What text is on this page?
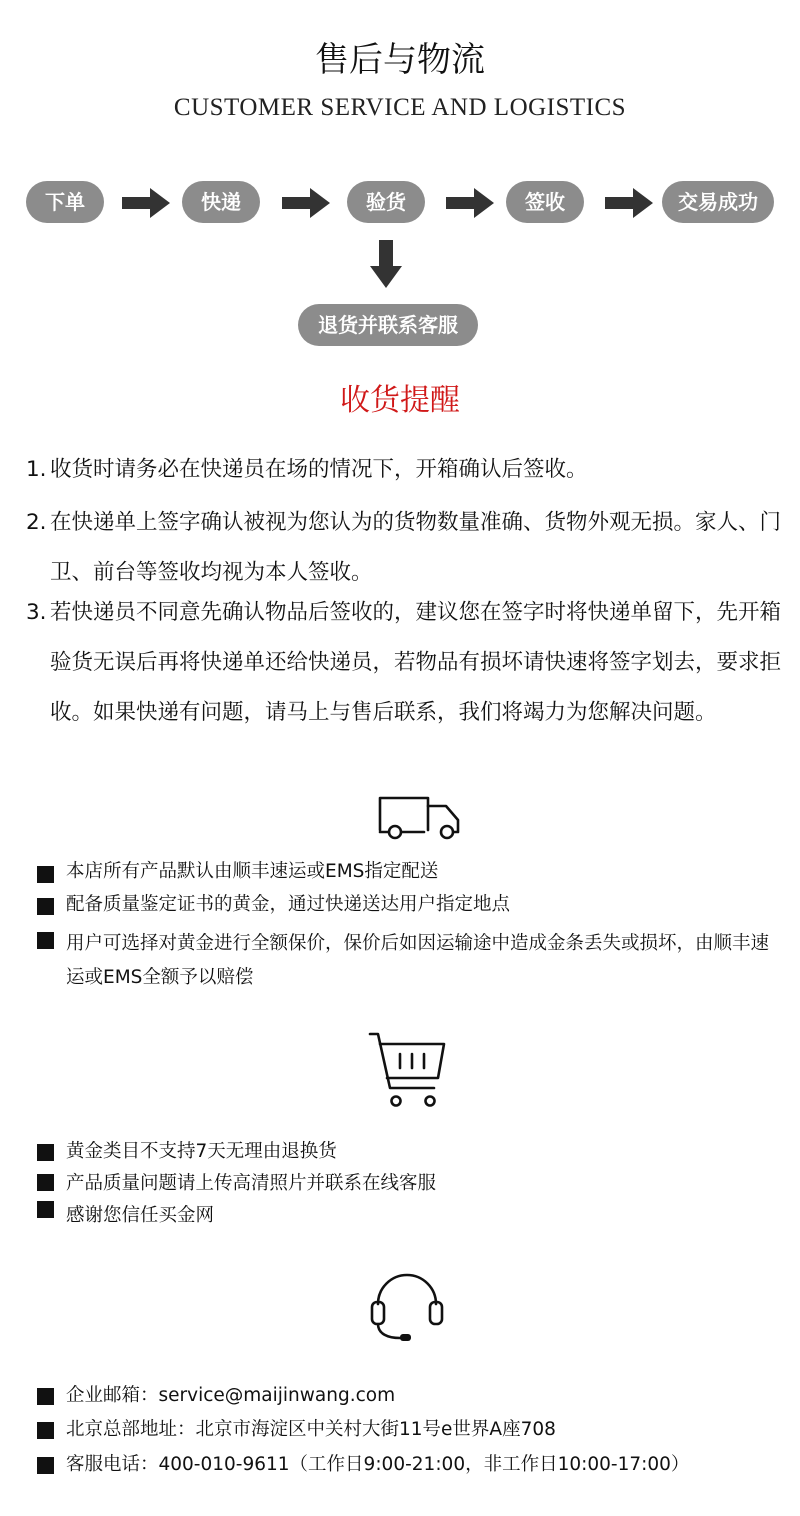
售后与物流
CUSTOMER SERVICE AND LOGISTICS
下单	快递	验货	签收	交易成功
退货并联系客服
收货提醒
1. 收货时请务必在快递员在场的情况下，开箱确认后签收。
2. 在快递单上签字确认被视为您认为的货物数量准确、货物外观无损。家人、门卫、前台等签收均视为本人签收。
3. 若快递员不同意先确认物品后签收的，建议您在签字时将快递单留下，先开箱验货无误后再将快递单还给快递员，若物品有损坏请快速将签字划去，要求拒收。如果快递有问题，请马上与售后联系，我们将竭力为您解决问题。
本店所有产品默认由顺丰速运或EMS指定配送
配备质量鉴定证书的黄金，通过快递送达用户指定地点
用户可选择对黄金进行全额保价，保价后如因运输途中造成金条丢失或损坏，由顺丰速运或EMS全额予以赔偿
黄金类目不支持7天无理由退换货
产品质量问题请上传高清照片并联系在线客服
感谢您信任买金网
企业邮箱：service@maijinwang.com
北京总部地址：北京市海淀区中关村大街11号e世界A座708
客服电话：400-010-9611（工作日9:00-21:00，非工作日10:00-17:00）
